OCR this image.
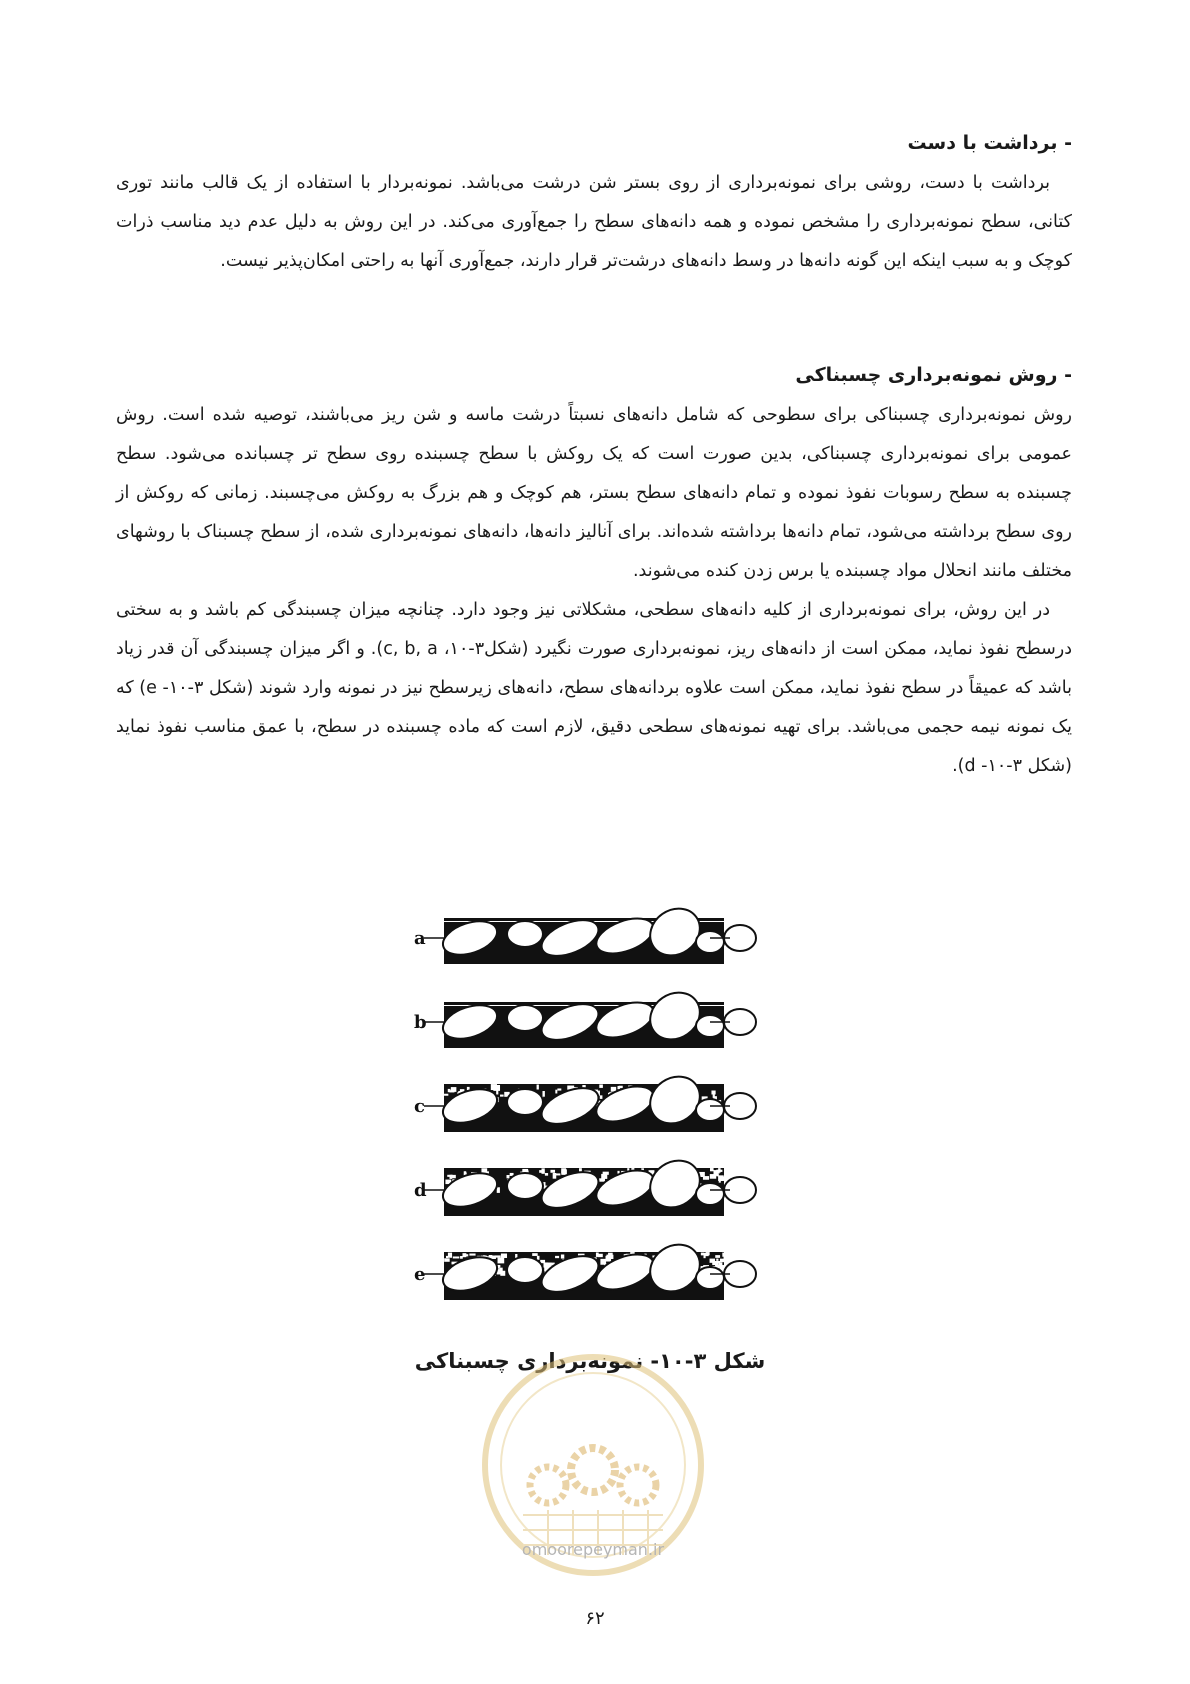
- برداشت با دست

برداشت با دست، روشی برای نمونه‌برداری از روی بستر شن درشت می‌باشد. نمونه‌بردار با استفاده از یک قالب مانند توری کتانی، سطح نمونه‌برداری را مشخص نموده و همه دانه‌های سطح را جمع‌آوری می‌کند. در این روش به دلیل عدم دید مناسب ذرات کوچک و به سبب اینکه این گونه دانه‌ها در وسط دانه‌های درشت‌تر قرار دارند، جمع‌آوری آنها به راحتی امکان‌پذیر نیست.

- روش نمونه‌برداری چسبناکی

روش نمونه‌برداری چسبناکی برای سطوحی که شامل دانه‌های نسبتاً درشت ماسه و شن ریز می‌باشند، توصیه شده است. روش عمومی برای نمونه‌برداری چسبناکی، بدین صورت است که یک روکش با سطح چسبنده روی سطح تر چسبانده می‌شود. سطح چسبنده به سطح رسوبات نفوذ نموده و تمام دانه‌های سطح بستر، هم کوچک و هم بزرگ به روکش می‌چسبند. زمانی که روکش از روی سطح برداشته می‌شود، تمام دانه‌ها برداشته شده‌اند. برای آنالیز دانه‌ها، دانه‌های نمونه‌برداری شده، از سطح چسبناک با روشهای مختلف مانند انحلال مواد چسبنده یا برس زدن کنده می‌شوند.

در این روش، برای نمونه‌برداری از کلیه دانه‌های سطحی، مشکلاتی نیز وجود دارد. چنانچه میزان چسبندگی کم باشد و به سختی درسطح نفوذ نماید، ممکن است از دانه‌های ریز، نمونه‌برداری صورت نگیرد (شکل۳-۱۰، c, b, a). و اگر میزان چسبندگی آن قدر زیاد باشد که عمیقاً در سطح نفوذ نماید، ممکن است علاوه بردانه‌های سطح، دانه‌های زیرسطح نیز در نمونه وارد شوند (شکل ۳-۱۰- e) که یک نمونه نیمه حجمی می‌باشد. برای تهیه نمونه‌های سطحی دقیق، لازم است که ماده چسبنده در سطح، با عمق مناسب نفوذ نماید (شکل ۳-۱۰- d).

a
b
c
d
e
شکل ۳-۱۰- نمونه‌برداری چسبناکی
omoorepeyman.ir
۶۲
